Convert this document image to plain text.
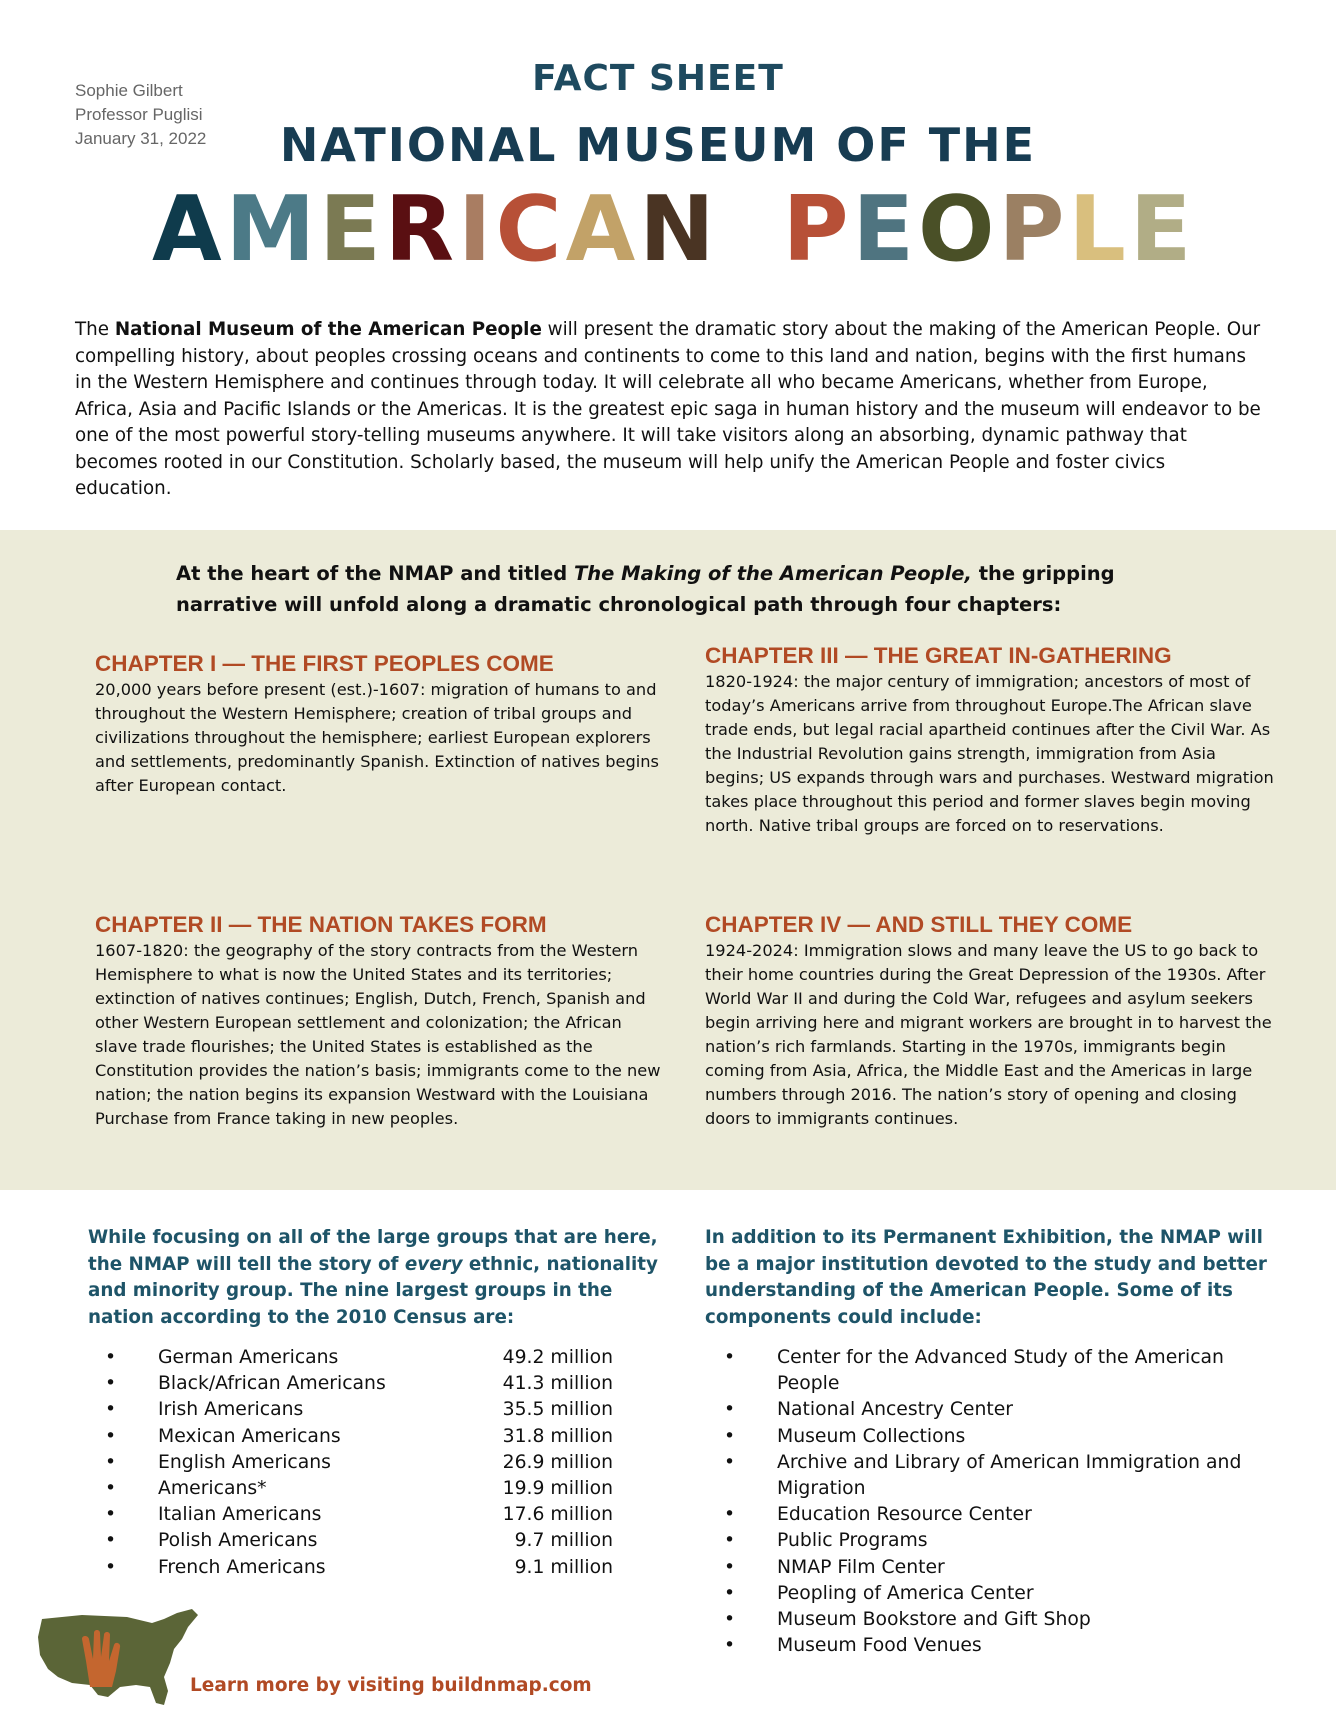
Sophie Gilbert
Professor Puglisi
January 31, 2022
FACT SHEET
NATIONAL MUSEUM OF THE
AMERICAN PEOPLE
The National Museum of the American People will present the dramatic story about the making of the American People. Our compelling history, about peoples crossing oceans and continents to come to this land and nation, begins with the first humans in the Western Hemisphere and continues through today. It will celebrate all who became Americans, whether from Europe, Africa, Asia and Pacific Islands or the Americas. It is the greatest epic saga in human history and the museum will endeavor to be one of the most powerful story-telling museums anywhere. It will take visitors along an absorbing, dynamic pathway that becomes rooted in our Constitution. Scholarly based, the museum will help unify the American People and foster civics education.
At the heart of the NMAP and titled The Making of the American People, the gripping narrative will unfold along a dramatic chronological path through four chapters:
CHAPTER I — THE FIRST PEOPLES COME

20,000 years before present (est.)-1607: migration of humans to and throughout the Western Hemisphere; creation of tribal groups and civilizations throughout the hemisphere; earliest European explorers and settlements, predominantly Spanish. Extinction of natives begins after European contact.

CHAPTER II — THE NATION TAKES FORM

1607-1820: the geography of the story contracts from the Western Hemisphere to what is now the United States and its territories; extinction of natives continues; English, Dutch, French, Spanish and other Western European settlement and colonization; the African slave trade flourishes; the United States is established as the Constitution provides the nation’s basis; immigrants come to the new nation; the nation begins its expansion Westward with the Louisiana Purchase from France taking in new peoples.

CHAPTER III — THE GREAT IN-GATHERING

1820-1924: the major century of immigration; ancestors of most of today’s Americans arrive from throughout Europe.The African slave trade ends, but legal racial apartheid continues after the Civil War. As the Industrial Revolution gains strength, immigration from Asia begins; US expands through wars and purchases. Westward migration takes place throughout this period and former slaves begin moving north. Native tribal groups are forced on to reservations.

CHAPTER IV — AND STILL THEY COME

1924-2024: Immigration slows and many leave the US to go back to their home countries during the Great Depression of the 1930s. After World War II and during the Cold War, refugees and asylum seekers begin arriving here and migrant workers are brought in to harvest the nation’s rich farmlands. Starting in the 1970s, immigrants begin coming from Asia, Africa, the Middle East and the Americas in large numbers through 2016. The nation’s story of opening and closing doors to immigrants continues.

While focusing on all of the large groups that are here, the NMAP will tell the story of every ethnic, nationality and minority group. The nine largest groups in the nation according to the 2010 Census are:
• German Americans	49.2 million
• Black/African Americans	41.3 million
• Irish Americans	35.5 million
• Mexican Americans	31.8 million
• English Americans	26.9 million
• Americans*	19.9 million
• Italian Americans	17.6 million
• Polish Americans	9.7 million
• French Americans	9.1 million
In addition to its Permanent Exhibition, the NMAP will be a major institution devoted to the study and better understanding of the American People. Some of its components could include:
• Center for the Advanced Study of the American People
• National Ancestry Center
• Museum Collections
• Archive and Library of American Immigration and Migration
• Education Resource Center
• Public Programs
• NMAP Film Center
• Peopling of America Center
• Museum Bookstore and Gift Shop
• Museum Food Venues
Learn more by visiting buildnmap.com
